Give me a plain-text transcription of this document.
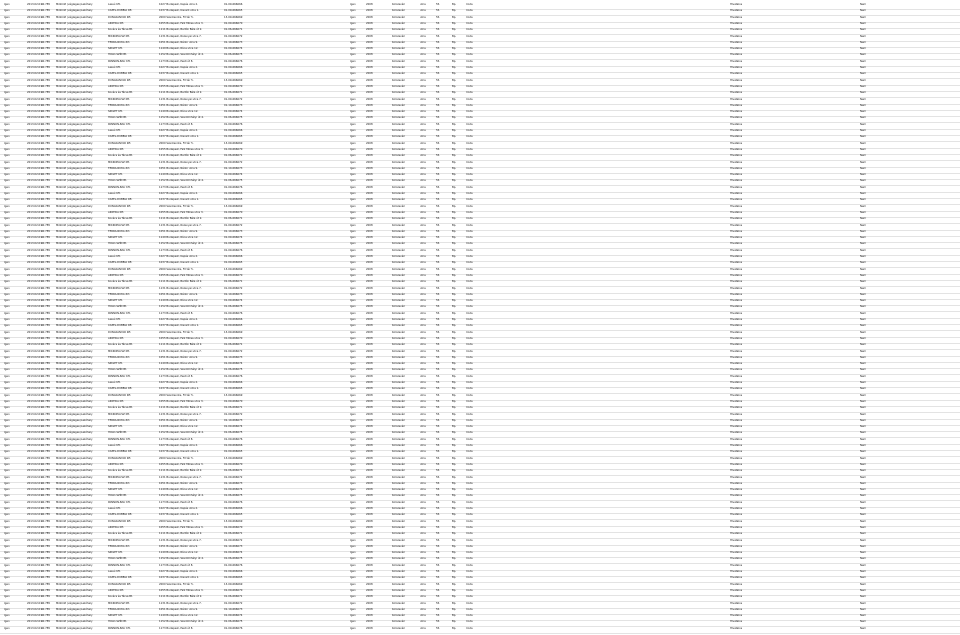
Igen	2013.02.01 40.785 Működő (végleges) Lakóhely	Lassú Kft.	1027 Budapest, Kapás utca 2.	01-09-666666	Igen	2008	Kolozsvári	utca	55.	Bp.	Iroda	Hivatalos	Nem
Igen	2013.02.01 40.785 Működő (végleges) Lakóhely	CAPEL-DUBBIA Kft.	1037 Budapest, Kiscelli utca 1.	01-09-666665	Igen	2008	Kolozsvári	utca	55.	Bp.	Iroda	Hivatalos	Nem
Igen	2013.02.01 40.785 Működő (végleges) Lakóhely	DUNAKANYAR Kft.	2000 Szentendre, Fő tér 5.	13-09-666669	Igen	2008	Kolozsvári	utca	55.	Bp.	Iroda	Hivatalos	Nem
Igen	2013.02.01 40.785 Működő (végleges) Lakóhely	ARKTIKA Kft.	1055 Budapest, Falk Miksa utca 3.	01-09-666670	Igen	2008	Kolozsvári	utca	55.	Bp.	Iroda	Hivatalos	Nem
Igen	2013.02.01 40.785 Működő (végleges) Lakóhely	Kovács és Társa Bt.	1111 Budapest, Bartók Béla út 2.	01-06-666671	Igen	2008	Kolozsvári	utca	55.	Bp.	Iroda	Hivatalos	Nem
Igen	2013.02.01 40.785 Működő (végleges) Lakóhely	MIKROPLUSZ Kft.	1131 Budapest, Rozsnyai utca 7.	01-09-666672	Igen	2008	Kolozsvári	utca	55.	Bp.	Iroda	Hivatalos	Nem
Igen	2013.02.01 40.785 Működő (végleges) Lakóhely	TERRA-NOVA Zrt.	1051 Budapest, Nádor utca 9.	01-10-666673	Igen	2008	Kolozsvári	utca	55.	Bp.	Iroda	Hivatalos	Nem
Igen	2013.02.01 40.785 Működő (végleges) Lakóhely	SZIGET Kft.	1149 Budapest, Róna utca 12.	01-09-666674	Igen	2008	Kolozsvári	utca	55.	Bp.	Iroda	Hivatalos	Nem
Igen	2013.02.01 40.785 Működő (végleges) Lakóhely	HOLD-SZÍN Bt.	1152 Budapest, Szentmihályi út 4.	01-06-666675	Igen	2008	Kolozsvári	utca	55.	Bp.	Iroda	Hivatalos	Nem
Igen	2013.02.01 40.785 Működő (végleges) Lakóhely	PANNON-BAU Kft.	1173 Budapest, Pesti út 8.	01-09-666676	Igen	2008	Kolozsvári	utca	55.	Bp.	Iroda	Hivatalos	Nem
Igen	2013.02.01 40.785 Működő (végleges) Lakóhely	Lassú Kft.	1027 Budapest, Kapás utca 2.	01-09-666666	Igen	2008	Kolozsvári	utca	55.	Bp.	Iroda	Hivatalos	Nem
Igen	2013.02.01 40.785 Működő (végleges) Lakóhely	CAPEL-DUBBIA Kft.	1037 Budapest, Kiscelli utca 1.	01-09-666665	Igen	2008	Kolozsvári	utca	55.	Bp.	Iroda	Hivatalos	Nem
Igen	2013.02.01 40.785 Működő (végleges) Lakóhely	DUNAKANYAR Kft.	2000 Szentendre, Fő tér 5.	13-09-666669	Igen	2008	Kolozsvári	utca	55.	Bp.	Iroda	Hivatalos	Nem
Igen	2013.02.01 40.785 Működő (végleges) Lakóhely	ARKTIKA Kft.	1055 Budapest, Falk Miksa utca 3.	01-09-666670	Igen	2008	Kolozsvári	utca	55.	Bp.	Iroda	Hivatalos	Nem
Igen	2013.02.01 40.785 Működő (végleges) Lakóhely	Kovács és Társa Bt.	1111 Budapest, Bartók Béla út 2.	01-06-666671	Igen	2008	Kolozsvári	utca	55.	Bp.	Iroda	Hivatalos	Nem
Igen	2013.02.01 40.785 Működő (végleges) Lakóhely	MIKROPLUSZ Kft.	1131 Budapest, Rozsnyai utca 7.	01-09-666672	Igen	2008	Kolozsvári	utca	55.	Bp.	Iroda	Hivatalos	Nem
Igen	2013.02.01 40.785 Működő (végleges) Lakóhely	TERRA-NOVA Zrt.	1051 Budapest, Nádor utca 9.	01-10-666673	Igen	2008	Kolozsvári	utca	55.	Bp.	Iroda	Hivatalos	Nem
Igen	2013.02.01 40.785 Működő (végleges) Lakóhely	SZIGET Kft.	1149 Budapest, Róna utca 12.	01-09-666674	Igen	2008	Kolozsvári	utca	55.	Bp.	Iroda	Hivatalos	Nem
Igen	2013.02.01 40.785 Működő (végleges) Lakóhely	HOLD-SZÍN Bt.	1152 Budapest, Szentmihályi út 4.	01-06-666675	Igen	2008	Kolozsvári	utca	55.	Bp.	Iroda	Hivatalos	Nem
Igen	2013.02.01 40.785 Működő (végleges) Lakóhely	PANNON-BAU Kft.	1173 Budapest, Pesti út 8.	01-09-666676	Igen	2008	Kolozsvári	utca	55.	Bp.	Iroda	Hivatalos	Nem
Igen	2013.02.01 40.785 Működő (végleges) Lakóhely	Lassú Kft.	1027 Budapest, Kapás utca 2.	01-09-666666	Igen	2008	Kolozsvári	utca	55.	Bp.	Iroda	Hivatalos	Nem
Igen	2013.02.01 40.785 Működő (végleges) Lakóhely	CAPEL-DUBBIA Kft.	1037 Budapest, Kiscelli utca 1.	01-09-666665	Igen	2008	Kolozsvári	utca	55.	Bp.	Iroda	Hivatalos	Nem
Igen	2013.02.01 40.785 Működő (végleges) Lakóhely	DUNAKANYAR Kft.	2000 Szentendre, Fő tér 5.	13-09-666669	Igen	2008	Kolozsvári	utca	55.	Bp.	Iroda	Hivatalos	Nem
Igen	2013.02.01 40.785 Működő (végleges) Lakóhely	ARKTIKA Kft.	1055 Budapest, Falk Miksa utca 3.	01-09-666670	Igen	2008	Kolozsvári	utca	55.	Bp.	Iroda	Hivatalos	Nem
Igen	2013.02.01 40.785 Működő (végleges) Lakóhely	Kovács és Társa Bt.	1111 Budapest, Bartók Béla út 2.	01-06-666671	Igen	2008	Kolozsvári	utca	55.	Bp.	Iroda	Hivatalos	Nem
Igen	2013.02.01 40.785 Működő (végleges) Lakóhely	MIKROPLUSZ Kft.	1131 Budapest, Rozsnyai utca 7.	01-09-666672	Igen	2008	Kolozsvári	utca	55.	Bp.	Iroda	Hivatalos	Nem
Igen	2013.02.01 40.785 Működő (végleges) Lakóhely	TERRA-NOVA Zrt.	1051 Budapest, Nádor utca 9.	01-10-666673	Igen	2008	Kolozsvári	utca	55.	Bp.	Iroda	Hivatalos	Nem
Igen	2013.02.01 40.785 Működő (végleges) Lakóhely	SZIGET Kft.	1149 Budapest, Róna utca 12.	01-09-666674	Igen	2008	Kolozsvári	utca	55.	Bp.	Iroda	Hivatalos	Nem
Igen	2013.02.01 40.785 Működő (végleges) Lakóhely	HOLD-SZÍN Bt.	1152 Budapest, Szentmihályi út 4.	01-06-666675	Igen	2008	Kolozsvári	utca	55.	Bp.	Iroda	Hivatalos	Nem
Igen	2013.02.01 40.785 Működő (végleges) Lakóhely	PANNON-BAU Kft.	1173 Budapest, Pesti út 8.	01-09-666676	Igen	2008	Kolozsvári	utca	55.	Bp.	Iroda	Hivatalos	Nem
Igen	2013.02.01 40.785 Működő (végleges) Lakóhely	Lassú Kft.	1027 Budapest, Kapás utca 2.	01-09-666666	Igen	2008	Kolozsvári	utca	55.	Bp.	Iroda	Hivatalos	Nem
Igen	2013.02.01 40.785 Működő (végleges) Lakóhely	CAPEL-DUBBIA Kft.	1037 Budapest, Kiscelli utca 1.	01-09-666665	Igen	2008	Kolozsvári	utca	55.	Bp.	Iroda	Hivatalos	Nem
Igen	2013.02.01 40.785 Működő (végleges) Lakóhely	DUNAKANYAR Kft.	2000 Szentendre, Fő tér 5.	13-09-666669	Igen	2008	Kolozsvári	utca	55.	Bp.	Iroda	Hivatalos	Nem
Igen	2013.02.01 40.785 Működő (végleges) Lakóhely	ARKTIKA Kft.	1055 Budapest, Falk Miksa utca 3.	01-09-666670	Igen	2008	Kolozsvári	utca	55.	Bp.	Iroda	Hivatalos	Nem
Igen	2013.02.01 40.785 Működő (végleges) Lakóhely	Kovács és Társa Bt.	1111 Budapest, Bartók Béla út 2.	01-06-666671	Igen	2008	Kolozsvári	utca	55.	Bp.	Iroda	Hivatalos	Nem
Igen	2013.02.01 40.785 Működő (végleges) Lakóhely	MIKROPLUSZ Kft.	1131 Budapest, Rozsnyai utca 7.	01-09-666672	Igen	2008	Kolozsvári	utca	55.	Bp.	Iroda	Hivatalos	Nem
Igen	2013.02.01 40.785 Működő (végleges) Lakóhely	TERRA-NOVA Zrt.	1051 Budapest, Nádor utca 9.	01-10-666673	Igen	2008	Kolozsvári	utca	55.	Bp.	Iroda	Hivatalos	Nem
Igen	2013.02.01 40.785 Működő (végleges) Lakóhely	SZIGET Kft.	1149 Budapest, Róna utca 12.	01-09-666674	Igen	2008	Kolozsvári	utca	55.	Bp.	Iroda	Hivatalos	Nem
Igen	2013.02.01 40.785 Működő (végleges) Lakóhely	HOLD-SZÍN Bt.	1152 Budapest, Szentmihályi út 4.	01-06-666675	Igen	2008	Kolozsvári	utca	55.	Bp.	Iroda	Hivatalos	Nem
Igen	2013.02.01 40.785 Működő (végleges) Lakóhely	PANNON-BAU Kft.	1173 Budapest, Pesti út 8.	01-09-666676	Igen	2008	Kolozsvári	utca	55.	Bp.	Iroda	Hivatalos	Nem
Igen	2013.02.01 40.785 Működő (végleges) Lakóhely	Lassú Kft.	1027 Budapest, Kapás utca 2.	01-09-666666	Igen	2008	Kolozsvári	utca	55.	Bp.	Iroda	Hivatalos	Nem
Igen	2013.02.01 40.785 Működő (végleges) Lakóhely	CAPEL-DUBBIA Kft.	1037 Budapest, Kiscelli utca 1.	01-09-666665	Igen	2008	Kolozsvári	utca	55.	Bp.	Iroda	Hivatalos	Nem
Igen	2013.02.01 40.785 Működő (végleges) Lakóhely	DUNAKANYAR Kft.	2000 Szentendre, Fő tér 5.	13-09-666669	Igen	2008	Kolozsvári	utca	55.	Bp.	Iroda	Hivatalos	Nem
Igen	2013.02.01 40.785 Működő (végleges) Lakóhely	ARKTIKA Kft.	1055 Budapest, Falk Miksa utca 3.	01-09-666670	Igen	2008	Kolozsvári	utca	55.	Bp.	Iroda	Hivatalos	Nem
Igen	2013.02.01 40.785 Működő (végleges) Lakóhely	Kovács és Társa Bt.	1111 Budapest, Bartók Béla út 2.	01-06-666671	Igen	2008	Kolozsvári	utca	55.	Bp.	Iroda	Hivatalos	Nem
Igen	2013.02.01 40.785 Működő (végleges) Lakóhely	MIKROPLUSZ Kft.	1131 Budapest, Rozsnyai utca 7.	01-09-666672	Igen	2008	Kolozsvári	utca	55.	Bp.	Iroda	Hivatalos	Nem
Igen	2013.02.01 40.785 Működő (végleges) Lakóhely	TERRA-NOVA Zrt.	1051 Budapest, Nádor utca 9.	01-10-666673	Igen	2008	Kolozsvári	utca	55.	Bp.	Iroda	Hivatalos	Nem
Igen	2013.02.01 40.785 Működő (végleges) Lakóhely	SZIGET Kft.	1149 Budapest, Róna utca 12.	01-09-666674	Igen	2008	Kolozsvári	utca	55.	Bp.	Iroda	Hivatalos	Nem
Igen	2013.02.01 40.785 Működő (végleges) Lakóhely	HOLD-SZÍN Bt.	1152 Budapest, Szentmihályi út 4.	01-06-666675	Igen	2008	Kolozsvári	utca	55.	Bp.	Iroda	Hivatalos	Nem
Igen	2013.02.01 40.785 Működő (végleges) Lakóhely	PANNON-BAU Kft.	1173 Budapest, Pesti út 8.	01-09-666676	Igen	2008	Kolozsvári	utca	55.	Bp.	Iroda	Hivatalos	Nem
Igen	2013.02.01 40.785 Működő (végleges) Lakóhely	Lassú Kft.	1027 Budapest, Kapás utca 2.	01-09-666666	Igen	2008	Kolozsvári	utca	55.	Bp.	Iroda	Hivatalos	Nem
Igen	2013.02.01 40.785 Működő (végleges) Lakóhely	CAPEL-DUBBIA Kft.	1037 Budapest, Kiscelli utca 1.	01-09-666665	Igen	2008	Kolozsvári	utca	55.	Bp.	Iroda	Hivatalos	Nem
Igen	2013.02.01 40.785 Működő (végleges) Lakóhely	DUNAKANYAR Kft.	2000 Szentendre, Fő tér 5.	13-09-666669	Igen	2008	Kolozsvári	utca	55.	Bp.	Iroda	Hivatalos	Nem
Igen	2013.02.01 40.785 Működő (végleges) Lakóhely	ARKTIKA Kft.	1055 Budapest, Falk Miksa utca 3.	01-09-666670	Igen	2008	Kolozsvári	utca	55.	Bp.	Iroda	Hivatalos	Nem
Igen	2013.02.01 40.785 Működő (végleges) Lakóhely	Kovács és Társa Bt.	1111 Budapest, Bartók Béla út 2.	01-06-666671	Igen	2008	Kolozsvári	utca	55.	Bp.	Iroda	Hivatalos	Nem
Igen	2013.02.01 40.785 Működő (végleges) Lakóhely	MIKROPLUSZ Kft.	1131 Budapest, Rozsnyai utca 7.	01-09-666672	Igen	2008	Kolozsvári	utca	55.	Bp.	Iroda	Hivatalos	Nem
Igen	2013.02.01 40.785 Működő (végleges) Lakóhely	TERRA-NOVA Zrt.	1051 Budapest, Nádor utca 9.	01-10-666673	Igen	2008	Kolozsvári	utca	55.	Bp.	Iroda	Hivatalos	Nem
Igen	2013.02.01 40.785 Működő (végleges) Lakóhely	SZIGET Kft.	1149 Budapest, Róna utca 12.	01-09-666674	Igen	2008	Kolozsvári	utca	55.	Bp.	Iroda	Hivatalos	Nem
Igen	2013.02.01 40.785 Működő (végleges) Lakóhely	HOLD-SZÍN Bt.	1152 Budapest, Szentmihályi út 4.	01-06-666675	Igen	2008	Kolozsvári	utca	55.	Bp.	Iroda	Hivatalos	Nem
Igen	2013.02.01 40.785 Működő (végleges) Lakóhely	PANNON-BAU Kft.	1173 Budapest, Pesti út 8.	01-09-666676	Igen	2008	Kolozsvári	utca	55.	Bp.	Iroda	Hivatalos	Nem
Igen	2013.02.01 40.785 Működő (végleges) Lakóhely	Lassú Kft.	1027 Budapest, Kapás utca 2.	01-09-666666	Igen	2008	Kolozsvári	utca	55.	Bp.	Iroda	Hivatalos	Nem
Igen	2013.02.01 40.785 Működő (végleges) Lakóhely	CAPEL-DUBBIA Kft.	1037 Budapest, Kiscelli utca 1.	01-09-666665	Igen	2008	Kolozsvári	utca	55.	Bp.	Iroda	Hivatalos	Nem
Igen	2013.02.01 40.785 Működő (végleges) Lakóhely	DUNAKANYAR Kft.	2000 Szentendre, Fő tér 5.	13-09-666669	Igen	2008	Kolozsvári	utca	55.	Bp.	Iroda	Hivatalos	Nem
Igen	2013.02.01 40.785 Működő (végleges) Lakóhely	ARKTIKA Kft.	1055 Budapest, Falk Miksa utca 3.	01-09-666670	Igen	2008	Kolozsvári	utca	55.	Bp.	Iroda	Hivatalos	Nem
Igen	2013.02.01 40.785 Működő (végleges) Lakóhely	Kovács és Társa Bt.	1111 Budapest, Bartók Béla út 2.	01-06-666671	Igen	2008	Kolozsvári	utca	55.	Bp.	Iroda	Hivatalos	Nem
Igen	2013.02.01 40.785 Működő (végleges) Lakóhely	MIKROPLUSZ Kft.	1131 Budapest, Rozsnyai utca 7.	01-09-666672	Igen	2008	Kolozsvári	utca	55.	Bp.	Iroda	Hivatalos	Nem
Igen	2013.02.01 40.785 Működő (végleges) Lakóhely	TERRA-NOVA Zrt.	1051 Budapest, Nádor utca 9.	01-10-666673	Igen	2008	Kolozsvári	utca	55.	Bp.	Iroda	Hivatalos	Nem
Igen	2013.02.01 40.785 Működő (végleges) Lakóhely	SZIGET Kft.	1149 Budapest, Róna utca 12.	01-09-666674	Igen	2008	Kolozsvári	utca	55.	Bp.	Iroda	Hivatalos	Nem
Igen	2013.02.01 40.785 Működő (végleges) Lakóhely	HOLD-SZÍN Bt.	1152 Budapest, Szentmihályi út 4.	01-06-666675	Igen	2008	Kolozsvári	utca	55.	Bp.	Iroda	Hivatalos	Nem
Igen	2013.02.01 40.785 Működő (végleges) Lakóhely	PANNON-BAU Kft.	1173 Budapest, Pesti út 8.	01-09-666676	Igen	2008	Kolozsvári	utca	55.	Bp.	Iroda	Hivatalos	Nem
Igen	2013.02.01 40.785 Működő (végleges) Lakóhely	Lassú Kft.	1027 Budapest, Kapás utca 2.	01-09-666666	Igen	2008	Kolozsvári	utca	55.	Bp.	Iroda	Hivatalos	Nem
Igen	2013.02.01 40.785 Működő (végleges) Lakóhely	CAPEL-DUBBIA Kft.	1037 Budapest, Kiscelli utca 1.	01-09-666665	Igen	2008	Kolozsvári	utca	55.	Bp.	Iroda	Hivatalos	Nem
Igen	2013.02.01 40.785 Működő (végleges) Lakóhely	DUNAKANYAR Kft.	2000 Szentendre, Fő tér 5.	13-09-666669	Igen	2008	Kolozsvári	utca	55.	Bp.	Iroda	Hivatalos	Nem
Igen	2013.02.01 40.785 Működő (végleges) Lakóhely	ARKTIKA Kft.	1055 Budapest, Falk Miksa utca 3.	01-09-666670	Igen	2008	Kolozsvári	utca	55.	Bp.	Iroda	Hivatalos	Nem
Igen	2013.02.01 40.785 Működő (végleges) Lakóhely	Kovács és Társa Bt.	1111 Budapest, Bartók Béla út 2.	01-06-666671	Igen	2008	Kolozsvári	utca	55.	Bp.	Iroda	Hivatalos	Nem
Igen	2013.02.01 40.785 Működő (végleges) Lakóhely	MIKROPLUSZ Kft.	1131 Budapest, Rozsnyai utca 7.	01-09-666672	Igen	2008	Kolozsvári	utca	55.	Bp.	Iroda	Hivatalos	Nem
Igen	2013.02.01 40.785 Működő (végleges) Lakóhely	TERRA-NOVA Zrt.	1051 Budapest, Nádor utca 9.	01-10-666673	Igen	2008	Kolozsvári	utca	55.	Bp.	Iroda	Hivatalos	Nem
Igen	2013.02.01 40.785 Működő (végleges) Lakóhely	SZIGET Kft.	1149 Budapest, Róna utca 12.	01-09-666674	Igen	2008	Kolozsvári	utca	55.	Bp.	Iroda	Hivatalos	Nem
Igen	2013.02.01 40.785 Működő (végleges) Lakóhely	HOLD-SZÍN Bt.	1152 Budapest, Szentmihályi út 4.	01-06-666675	Igen	2008	Kolozsvári	utca	55.	Bp.	Iroda	Hivatalos	Nem
Igen	2013.02.01 40.785 Működő (végleges) Lakóhely	PANNON-BAU Kft.	1173 Budapest, Pesti út 8.	01-09-666676	Igen	2008	Kolozsvári	utca	55.	Bp.	Iroda	Hivatalos	Nem
Igen	2013.02.01 40.785 Működő (végleges) Lakóhely	Lassú Kft.	1027 Budapest, Kapás utca 2.	01-09-666666	Igen	2008	Kolozsvári	utca	55.	Bp.	Iroda	Hivatalos	Nem
Igen	2013.02.01 40.785 Működő (végleges) Lakóhely	CAPEL-DUBBIA Kft.	1037 Budapest, Kiscelli utca 1.	01-09-666665	Igen	2008	Kolozsvári	utca	55.	Bp.	Iroda	Hivatalos	Nem
Igen	2013.02.01 40.785 Működő (végleges) Lakóhely	DUNAKANYAR Kft.	2000 Szentendre, Fő tér 5.	13-09-666669	Igen	2008	Kolozsvári	utca	55.	Bp.	Iroda	Hivatalos	Nem
Igen	2013.02.01 40.785 Működő (végleges) Lakóhely	ARKTIKA Kft.	1055 Budapest, Falk Miksa utca 3.	01-09-666670	Igen	2008	Kolozsvári	utca	55.	Bp.	Iroda	Hivatalos	Nem
Igen	2013.02.01 40.785 Működő (végleges) Lakóhely	Kovács és Társa Bt.	1111 Budapest, Bartók Béla út 2.	01-06-666671	Igen	2008	Kolozsvári	utca	55.	Bp.	Iroda	Hivatalos	Nem
Igen	2013.02.01 40.785 Működő (végleges) Lakóhely	MIKROPLUSZ Kft.	1131 Budapest, Rozsnyai utca 7.	01-09-666672	Igen	2008	Kolozsvári	utca	55.	Bp.	Iroda	Hivatalos	Nem
Igen	2013.02.01 40.785 Működő (végleges) Lakóhely	TERRA-NOVA Zrt.	1051 Budapest, Nádor utca 9.	01-10-666673	Igen	2008	Kolozsvári	utca	55.	Bp.	Iroda	Hivatalos	Nem
Igen	2013.02.01 40.785 Működő (végleges) Lakóhely	SZIGET Kft.	1149 Budapest, Róna utca 12.	01-09-666674	Igen	2008	Kolozsvári	utca	55.	Bp.	Iroda	Hivatalos	Nem
Igen	2013.02.01 40.785 Működő (végleges) Lakóhely	HOLD-SZÍN Bt.	1152 Budapest, Szentmihályi út 4.	01-06-666675	Igen	2008	Kolozsvári	utca	55.	Bp.	Iroda	Hivatalos	Nem
Igen	2013.02.01 40.785 Működő (végleges) Lakóhely	PANNON-BAU Kft.	1173 Budapest, Pesti út 8.	01-09-666676	Igen	2008	Kolozsvári	utca	55.	Bp.	Iroda	Hivatalos	Nem
Igen	2013.02.01 40.785 Működő (végleges) Lakóhely	Lassú Kft.	1027 Budapest, Kapás utca 2.	01-09-666666	Igen	2008	Kolozsvári	utca	55.	Bp.	Iroda	Hivatalos	Nem
Igen	2013.02.01 40.785 Működő (végleges) Lakóhely	CAPEL-DUBBIA Kft.	1037 Budapest, Kiscelli utca 1.	01-09-666665	Igen	2008	Kolozsvári	utca	55.	Bp.	Iroda	Hivatalos	Nem
Igen	2013.02.01 40.785 Működő (végleges) Lakóhely	DUNAKANYAR Kft.	2000 Szentendre, Fő tér 5.	13-09-666669	Igen	2008	Kolozsvári	utca	55.	Bp.	Iroda	Hivatalos	Nem
Igen	2013.02.01 40.785 Működő (végleges) Lakóhely	ARKTIKA Kft.	1055 Budapest, Falk Miksa utca 3.	01-09-666670	Igen	2008	Kolozsvári	utca	55.	Bp.	Iroda	Hivatalos	Nem
Igen	2013.02.01 40.785 Működő (végleges) Lakóhely	Kovács és Társa Bt.	1111 Budapest, Bartók Béla út 2.	01-06-666671	Igen	2008	Kolozsvári	utca	55.	Bp.	Iroda	Hivatalos	Nem
Igen	2013.02.01 40.785 Működő (végleges) Lakóhely	MIKROPLUSZ Kft.	1131 Budapest, Rozsnyai utca 7.	01-09-666672	Igen	2008	Kolozsvári	utca	55.	Bp.	Iroda	Hivatalos	Nem
Igen	2013.02.01 40.785 Működő (végleges) Lakóhely	TERRA-NOVA Zrt.	1051 Budapest, Nádor utca 9.	01-10-666673	Igen	2008	Kolozsvári	utca	55.	Bp.	Iroda	Hivatalos	Nem
Igen	2013.02.01 40.785 Működő (végleges) Lakóhely	SZIGET Kft.	1149 Budapest, Róna utca 12.	01-09-666674	Igen	2008	Kolozsvári	utca	55.	Bp.	Iroda	Hivatalos	Nem
Igen	2013.02.01 40.785 Működő (végleges) Lakóhely	HOLD-SZÍN Bt.	1152 Budapest, Szentmihályi út 4.	01-06-666675	Igen	2008	Kolozsvári	utca	55.	Bp.	Iroda	Hivatalos	Nem
Igen	2013.02.01 40.785 Működő (végleges) Lakóhely	PANNON-BAU Kft.	1173 Budapest, Pesti út 8.	01-09-666676	Igen	2008	Kolozsvári	utca	55.	Bp.	Iroda	Hivatalos	Nem
